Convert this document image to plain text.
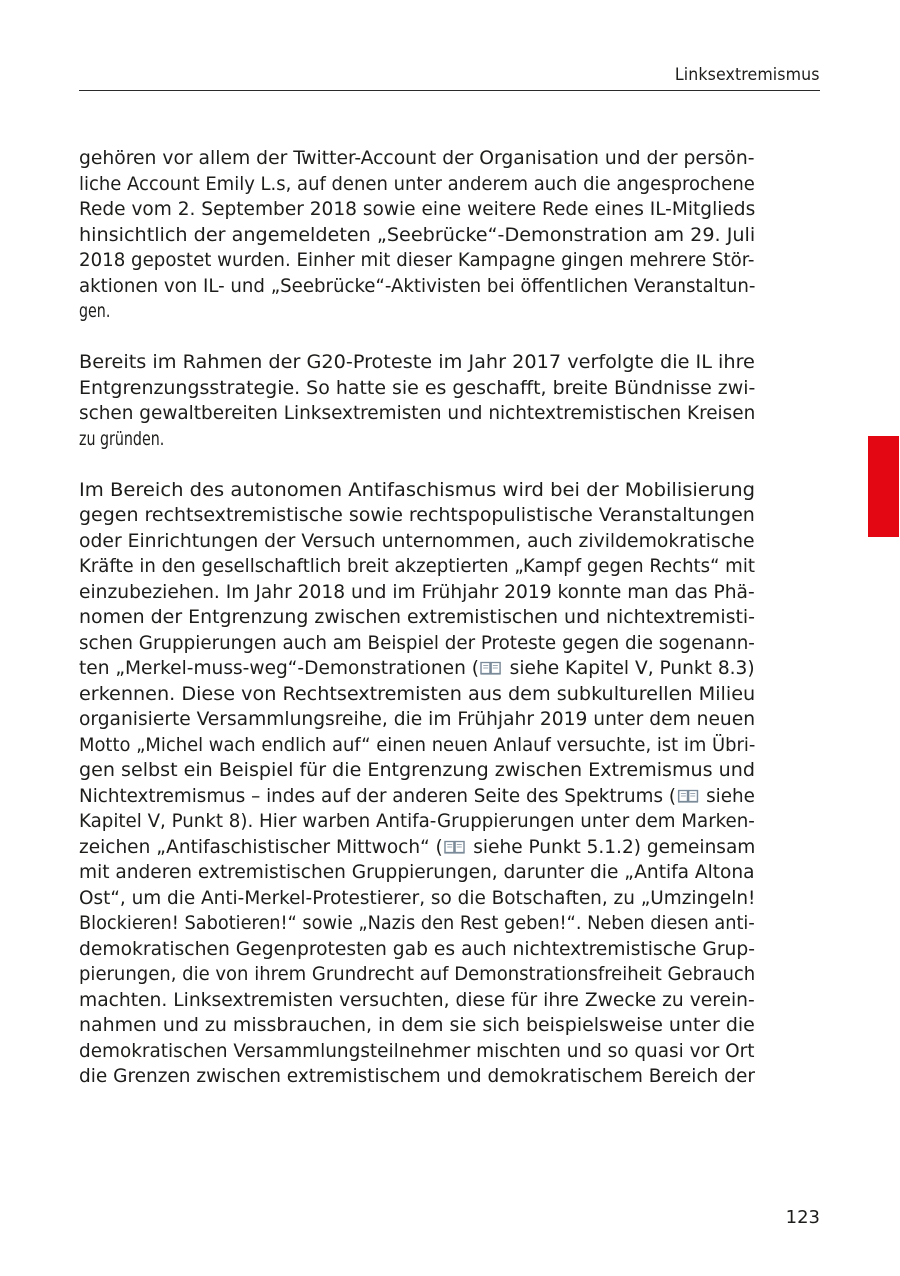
Linksextremismus
gehören vor allem der Twitter-Account der Organisation und der persön-
liche Account Emily L.s, auf denen unter anderem auch die angesprochene
Rede vom 2. September 2018 sowie eine weitere Rede eines IL-Mitglieds
hinsichtlich der angemeldeten „Seebrücke“-Demonstration am 29. Juli
2018 gepostet wurden. Einher mit dieser Kampagne gingen mehrere Stör-
aktionen von IL- und „Seebrücke“-Aktivisten bei öffentlichen Veranstaltun-
gen.
Bereits im Rahmen der G20-Proteste im Jahr 2017 verfolgte die IL ihre
Entgrenzungsstrategie. So hatte sie es geschafft, breite Bündnisse zwi-
schen gewaltbereiten Linksextremisten und nichtextremistischen Kreisen
zu gründen.
Im Bereich des autonomen Antifaschismus wird bei der Mobilisierung
gegen rechtsextremistische sowie rechtspopulistische Veranstaltungen
oder Einrichtungen der Versuch unternommen, auch zivildemokratische
Kräfte in den gesellschaftlich breit akzeptierten „Kampf gegen Rechts“ mit
einzubeziehen. Im Jahr 2018 und im Frühjahr 2019 konnte man das Phä-
nomen der Entgrenzung zwischen extremistischen und nichtextremisti-
schen Gruppierungen auch am Beispiel der Proteste gegen die sogenann-
ten „Merkel-muss-weg“-Demonstrationen ( siehe Kapitel V, Punkt 8.3)
erkennen. Diese von Rechtsextremisten aus dem subkulturellen Milieu
organisierte Versammlungsreihe, die im Frühjahr 2019 unter dem neuen
Motto „Michel wach endlich auf“ einen neuen Anlauf versuchte, ist im Übri-
gen selbst ein Beispiel für die Entgrenzung zwischen Extremismus und
Nichtextremismus – indes auf der anderen Seite des Spektrums ( siehe
Kapitel V, Punkt 8). Hier warben Antifa-Gruppierungen unter dem Marken-
zeichen „Antifaschistischer Mittwoch“ ( siehe Punkt 5.1.2) gemeinsam
mit anderen extremistischen Gruppierungen, darunter die „Antifa Altona
Ost“, um die Anti-Merkel-Protestierer, so die Botschaften, zu „Umzingeln!
Blockieren! Sabotieren!“ sowie „Nazis den Rest geben!“. Neben diesen anti-
demokratischen Gegenprotesten gab es auch nichtextremistische Grup-
pierungen, die von ihrem Grundrecht auf Demonstrationsfreiheit Gebrauch
machten. Linksextremisten versuchten, diese für ihre Zwecke zu verein-
nahmen und zu missbrauchen, in dem sie sich beispielsweise unter die
demokratischen Versammlungsteilnehmer mischten und so quasi vor Ort
die Grenzen zwischen extremistischem und demokratischem Bereich der
123
